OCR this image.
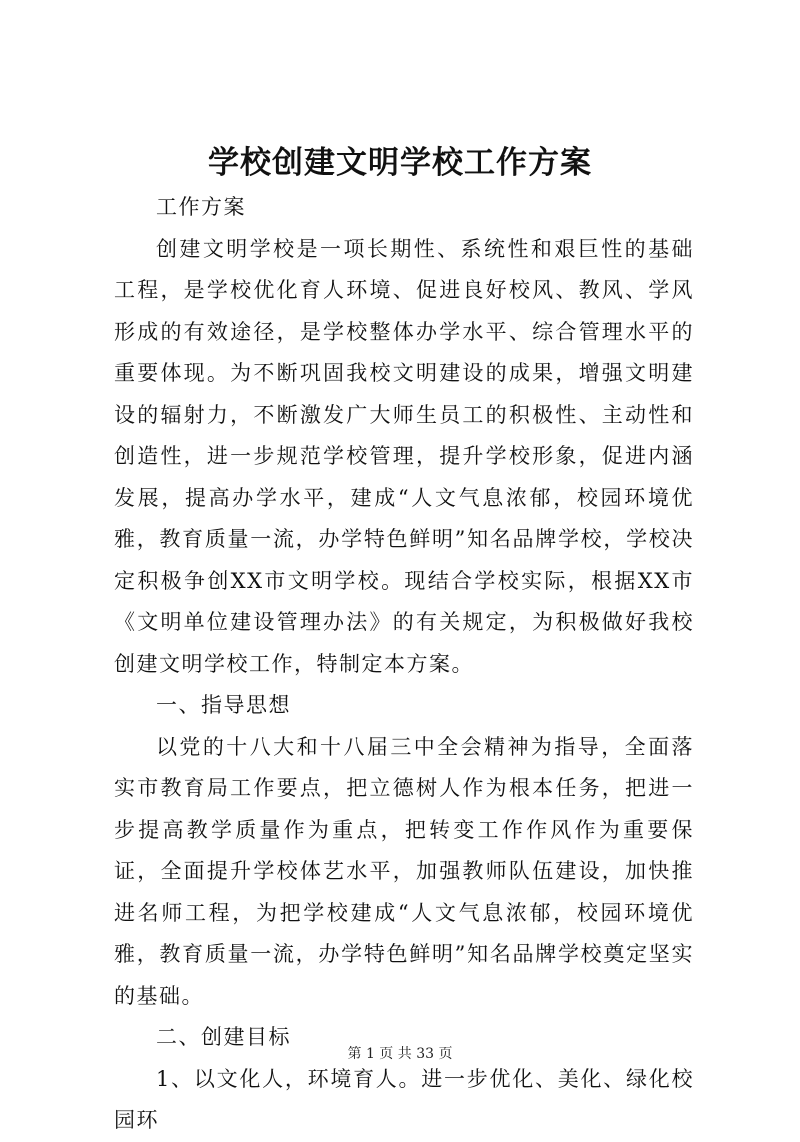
学校创建文明学校工作方案

工作方案

创建文明学校是一项长期性、系统性和艰巨性的基础工程，是学校优化育人环境、促进良好校风、教风、学风形成的有效途径，是学校整体办学水平、综合管理水平的重要体现。为不断巩固我校文明建设的成果，增强文明建设的辐射力，不断激发广大师生员工的积极性、主动性和创造性，进一步规范学校管理，提升学校形象，促进内涵发展，提高办学水平，建成“人文气息浓郁，校园环境优雅，教育质量一流，办学特色鲜明”知名品牌学校，学校决定积极争创XX市文明学校。现结合学校实际，根据XX市《文明单位建设管理办法》的有关规定，为积极做好我校创建文明学校工作，特制定本方案。

一、指导思想

以党的十八大和十八届三中全会精神为指导，全面落实市教育局工作要点，把立德树人作为根本任务，把进一步提高教学质量作为重点，把转变工作作风作为重要保证，全面提升学校体艺水平，加强教师队伍建设，加快推进名师工程，为把学校建成“人文气息浓郁，校园环境优雅，教育质量一流，办学特色鲜明”知名品牌学校奠定坚实的基础。

二、创建目标

1、以文化人，环境育人。进一步优化、美化、绿化校园环

第 1 页 共 33 页
